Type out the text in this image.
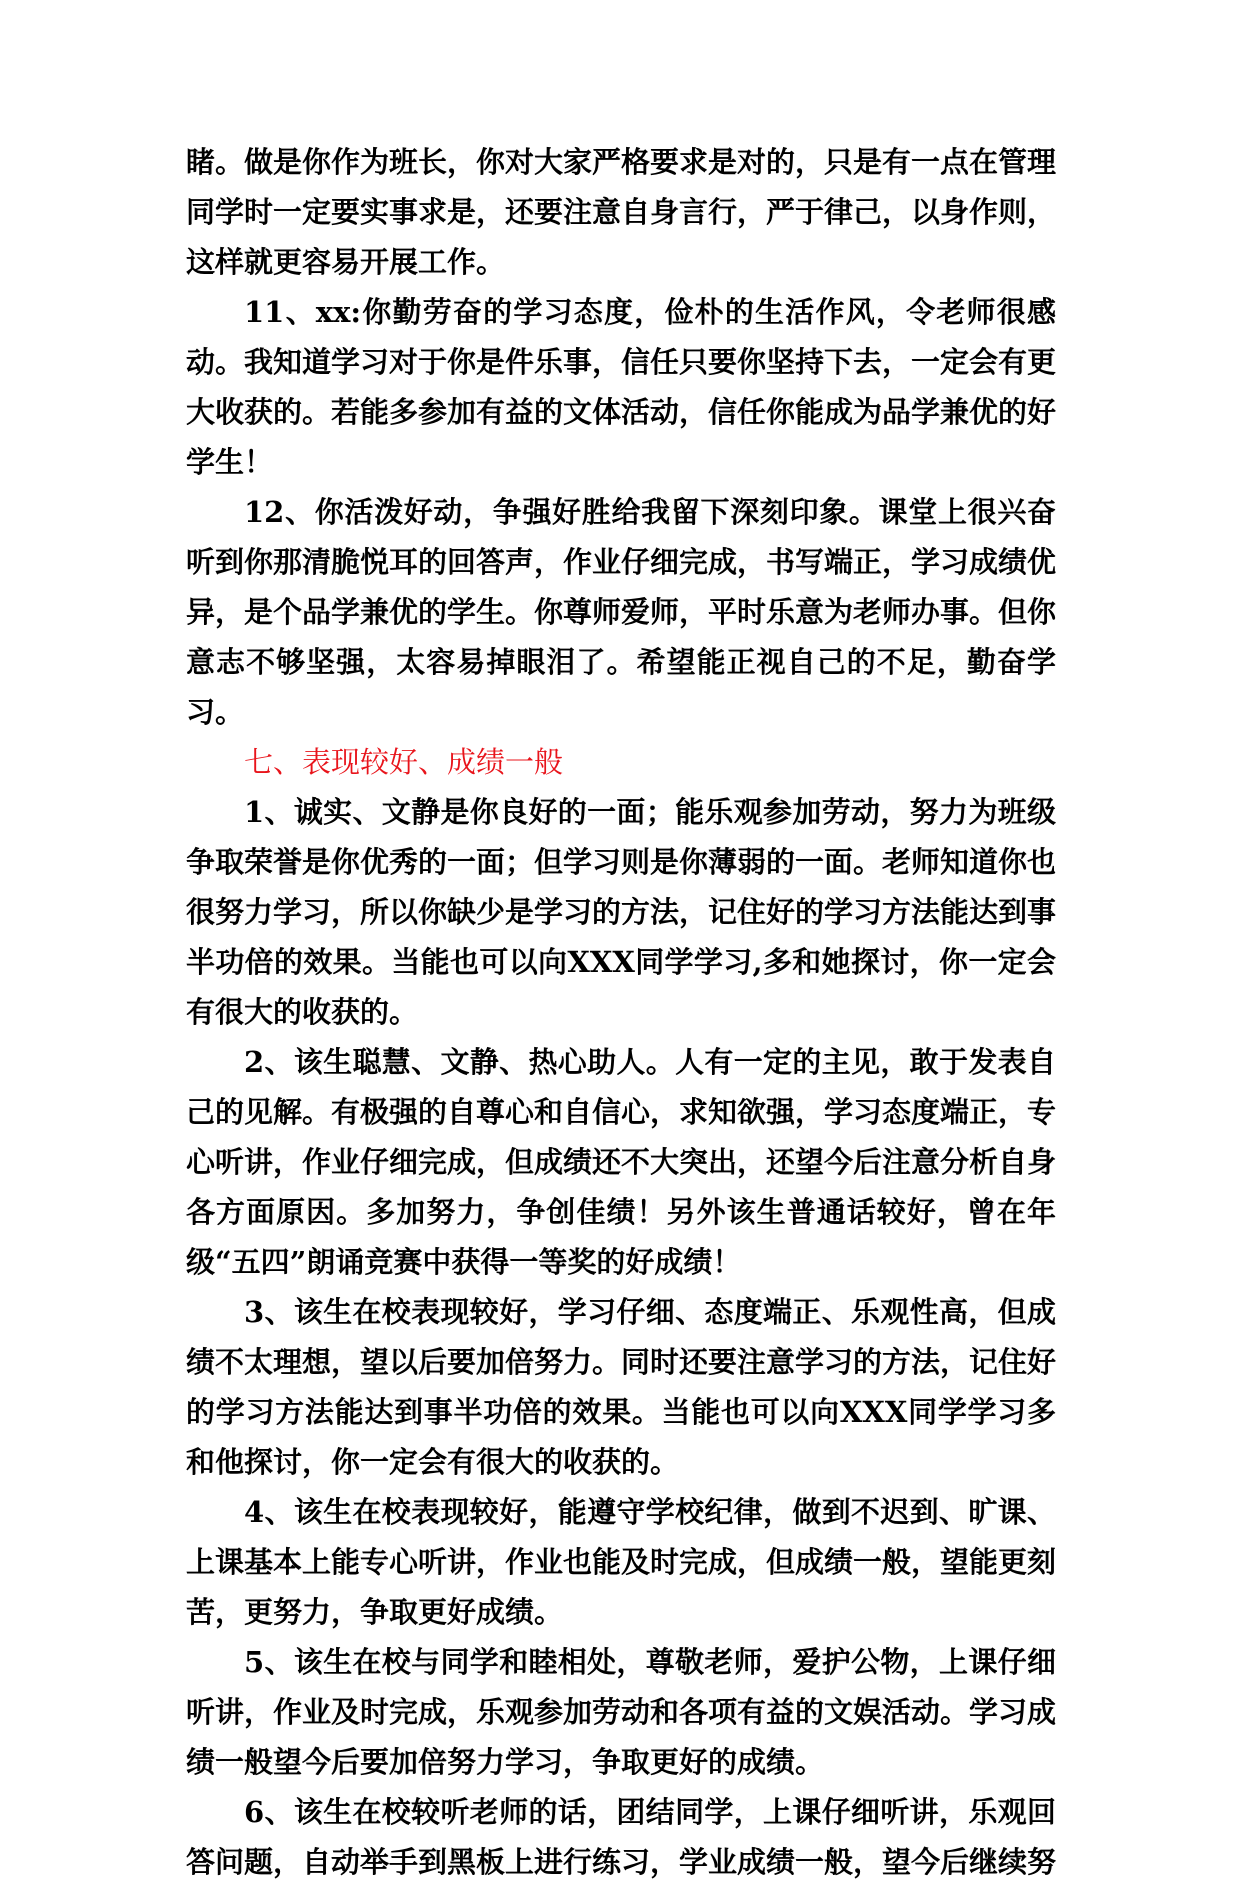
睹。做是你作为班长，你对大家严格要求是对的，只是有一点在管理同学时一定要实事求是，还要注意自身言行，严于律己，以身作则，这样就更容易开展工作。

11、xx:你勤劳奋的学习态度，俭朴的生活作风，令老师很感动。我知道学习对于你是件乐事，信任只要你坚持下去，一定会有更大收获的。若能多参加有益的文体活动，信任你能成为品学兼优的好学生！

12、你活泼好动，争强好胜给我留下深刻印象。课堂上很兴奋听到你那清脆悦耳的回答声，作业仔细完成，书写端正，学习成绩优异，是个品学兼优的学生。你尊师爱师，平时乐意为老师办事。但你意志不够坚强，太容易掉眼泪了。希望能正视自己的不足，勤奋学习。

七、表现较好、成绩一般

1、诚实、文静是你良好的一面；能乐观参加劳动，努力为班级争取荣誉是你优秀的一面；但学习则是你薄弱的一面。老师知道你也很努力学习，所以你缺少是学习的方法，记住好的学习方法能达到事半功倍的效果。当能也可以向XXX同学学习,多和她探讨，你一定会有很大的收获的。

2、该生聪慧、文静、热心助人。人有一定的主见，敢于发表自己的见解。有极强的自尊心和自信心，求知欲强，学习态度端正，专心听讲，作业仔细完成，但成绩还不大突出，还望今后注意分析自身各方面原因。多加努力，争创佳绩！另外该生普通话较好，曾在年级“五四”朗诵竞赛中获得一等奖的好成绩！

3、该生在校表现较好，学习仔细、态度端正、乐观性高，但成绩不太理想，望以后要加倍努力。同时还要注意学习的方法，记住好的学习方法能达到事半功倍的效果。当能也可以向XXX同学学习多和他探讨，你一定会有很大的收获的。

4、该生在校表现较好，能遵守学校纪律，做到不迟到、旷课、上课基本上能专心听讲，作业也能及时完成，但成绩一般，望能更刻苦，更努力，争取更好成绩。

5、该生在校与同学和睦相处，尊敬老师，爱护公物，上课仔细听讲，作业及时完成，乐观参加劳动和各项有益的文娱活动。学习成绩一般望今后要加倍努力学习，争取更好的成绩。

6、该生在校较听老师的话，团结同学，上课仔细听讲，乐观回答问题，自动举手到黑板上进行练习，学业成绩一般，望今后继续努
